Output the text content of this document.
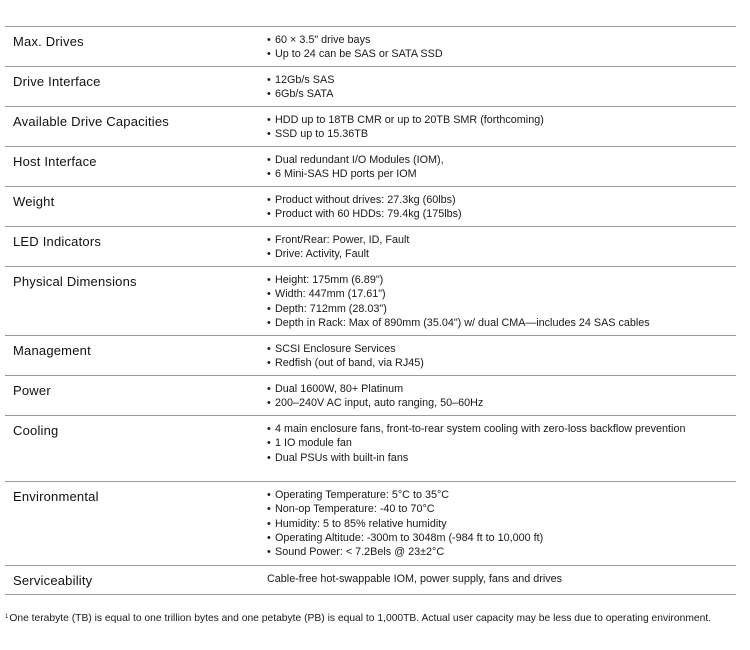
Max. Drives	• 60 × 3.5" drive bays
• Up to 24 can be SAS or SATA SSD
Drive Interface	• 12Gb/s SAS
• 6Gb/s SATA
Available Drive Capacities	• HDD up to 18TB CMR or up to 20TB SMR (forthcoming)
• SSD up to 15.36TB
Host Interface	• Dual redundant I/O Modules (IOM),
• 6 Mini-SAS HD ports per IOM
Weight	• Product without drives: 27.3kg (60lbs)
• Product with 60 HDDs: 79.4kg (175lbs)
LED Indicators	• Front/Rear: Power, ID, Fault
• Drive: Activity, Fault
Physical Dimensions	• Height: 175mm (6.89")
• Width: 447mm (17.61")
• Depth: 712mm (28.03")
• Depth in Rack: Max of 890mm (35.04") w/ dual CMA—includes 24 SAS cables
Management	• SCSI Enclosure Services
• Redfish (out of band, via RJ45)
Power	• Dual 1600W, 80+ Platinum
• 200–240V AC input, auto ranging, 50–60Hz
Cooling	• 4 main enclosure fans, front-to-rear system cooling with zero-loss backflow prevention
• 1 IO module fan
• Dual PSUs with built-in fans
Environmental	• Operating Temperature: 5°C to 35°C
• Non-op Temperature: -40 to 70°C
• Humidity: 5 to 85% relative humidity
• Operating Altitude: -300m to 3048m (-984 ft to 10,000 ft)
• Sound Power: < 7.2Bels @ 23±2°C
Serviceability	Cable-free hot-swappable IOM, power supply, fans and drives
$^1$One terabyte (TB) is equal to one trillion bytes and one petabyte (PB) is equal to 1,000TB. Actual user capacity may be less due to operating environment.
